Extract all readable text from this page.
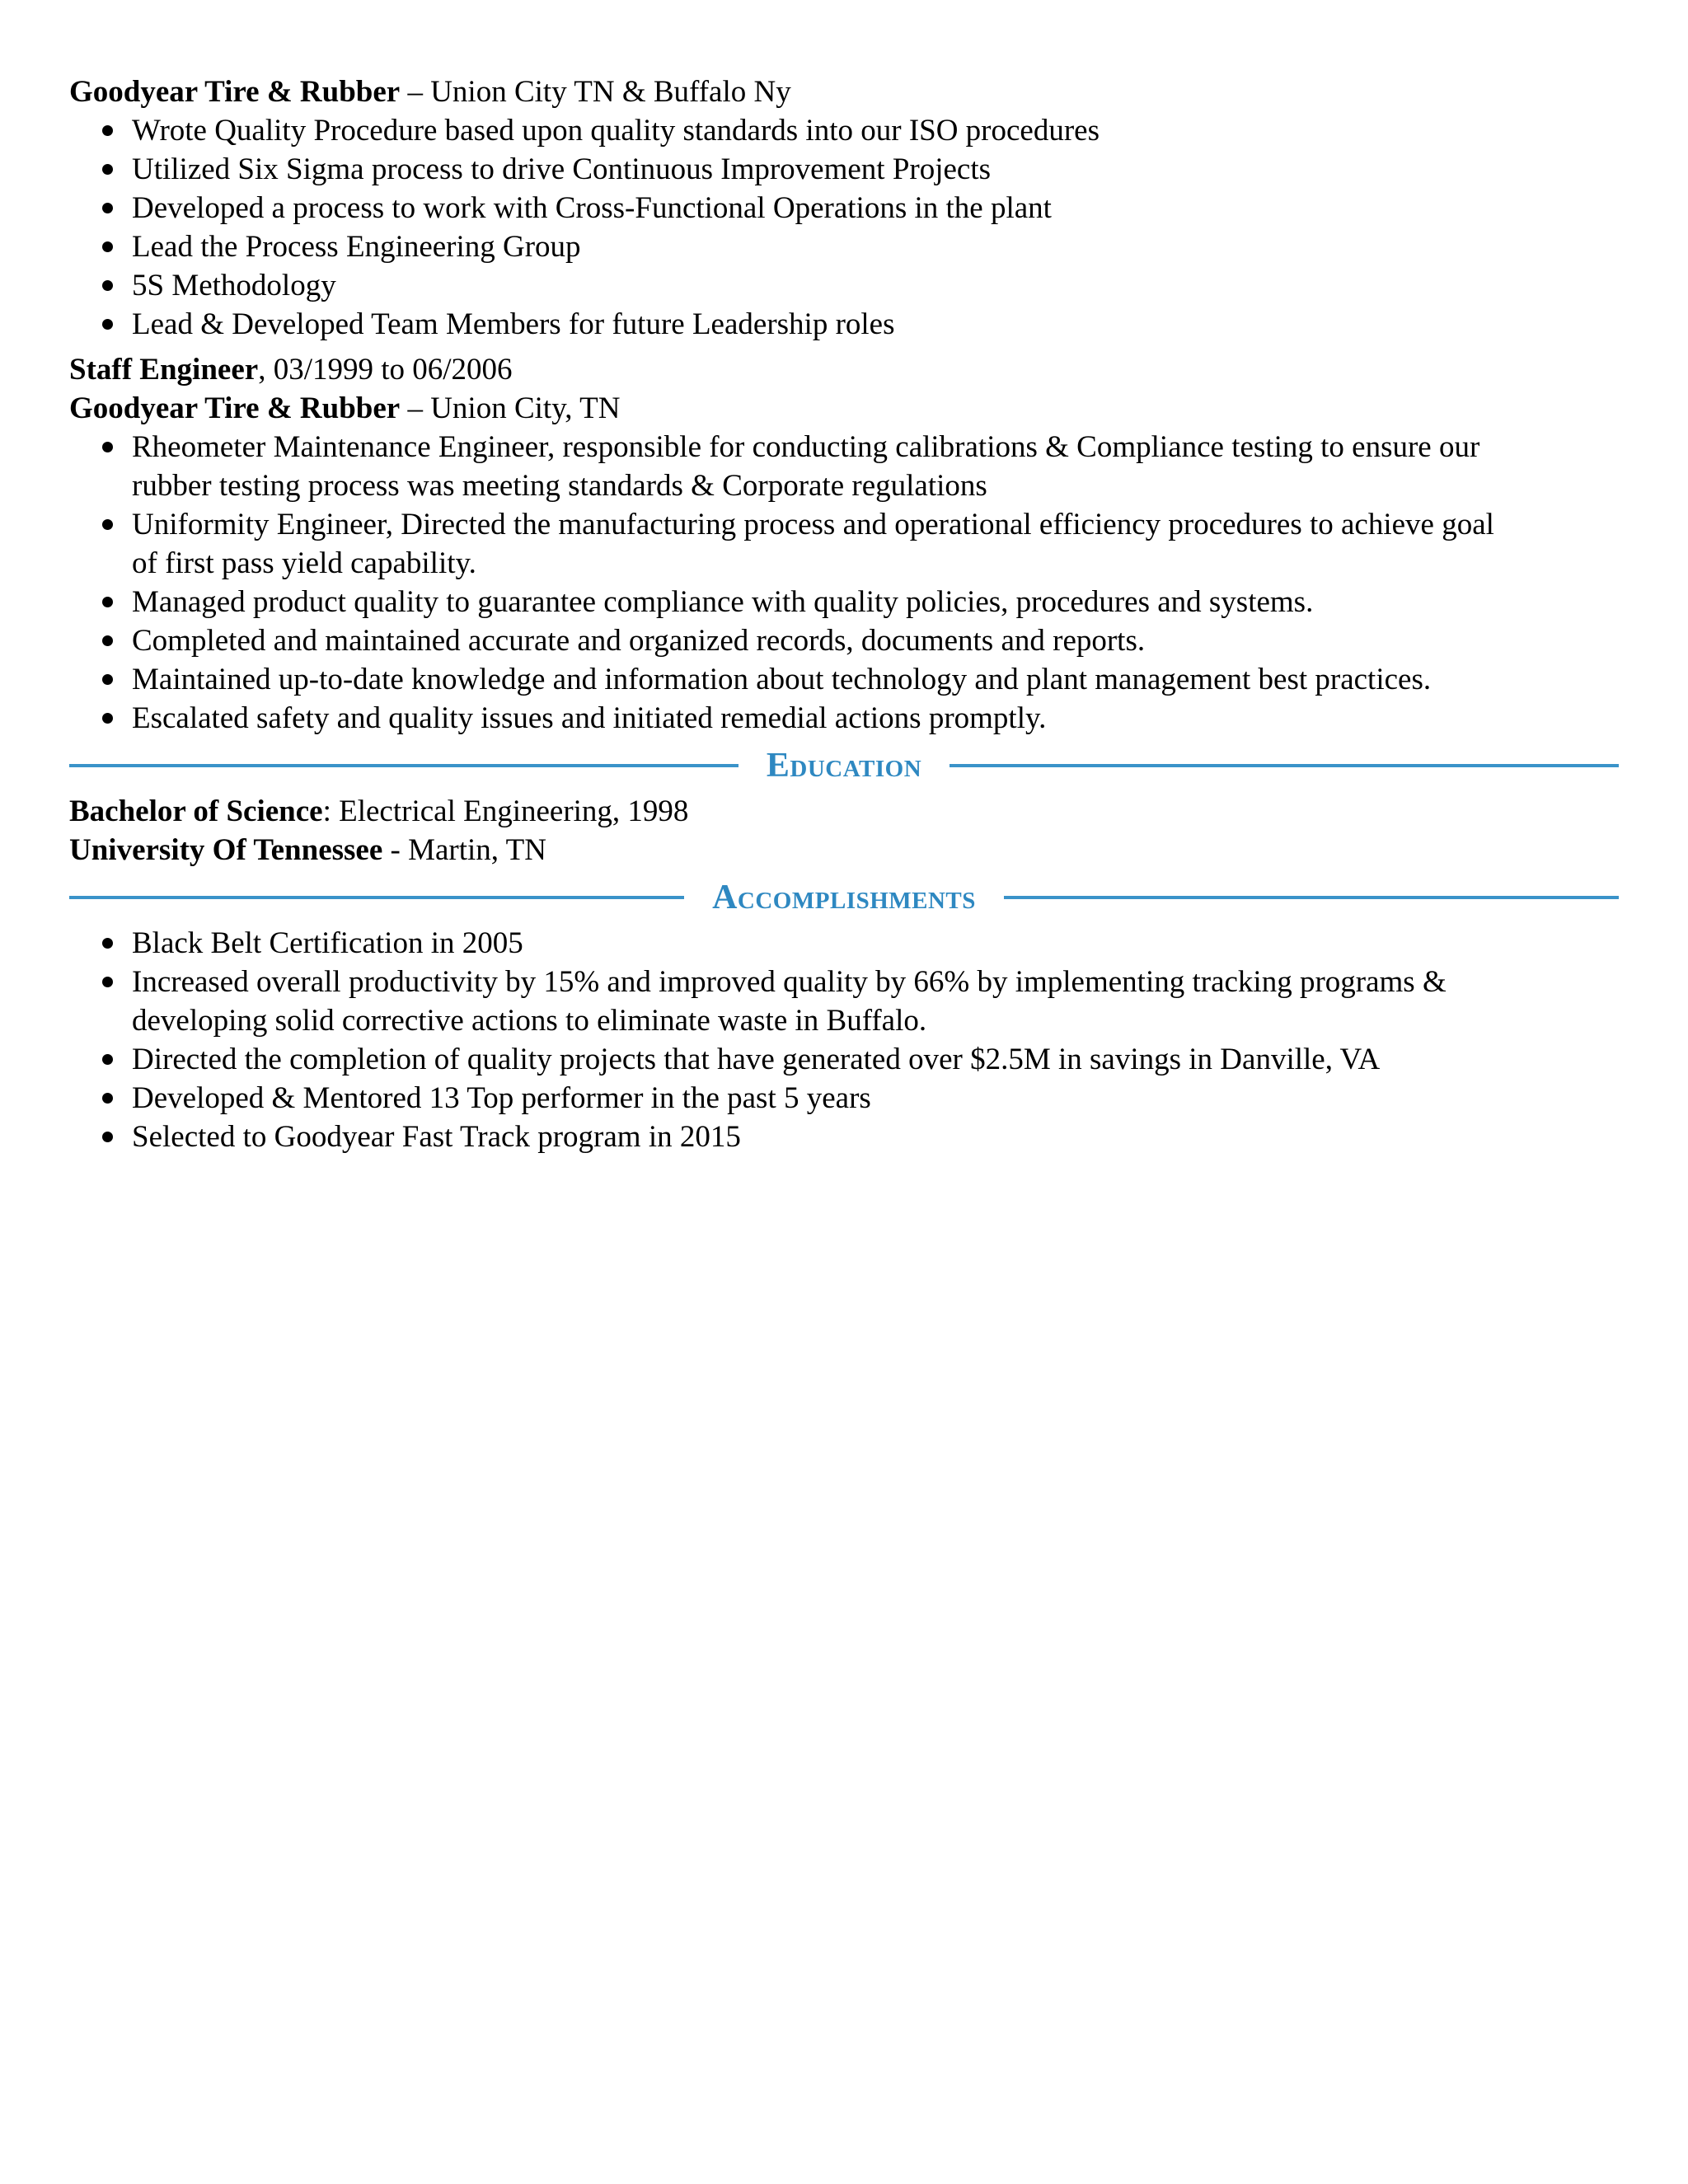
Goodyear Tire & Rubber – Union City TN & Buffalo Ny

Wrote Quality Procedure based upon quality standards into our ISO procedures
Utilized Six Sigma process to drive Continuous Improvement Projects
Developed a process to work with Cross-Functional Operations in the plant
Lead the Process Engineering Group
5S Methodology
Lead & Developed Team Members for future Leadership roles

Staff Engineer, 03/1999 to 06/2006

Goodyear Tire & Rubber – Union City, TN

Rheometer Maintenance Engineer, responsible for conducting calibrations & Compliance testing to ensure our
rubber testing process was meeting standards & Corporate regulations
Uniformity Engineer, Directed the manufacturing process and operational efficiency procedures to achieve goal
of first pass yield capability.
Managed product quality to guarantee compliance with quality policies, procedures and systems.
Completed and maintained accurate and organized records, documents and reports.
Maintained up-to-date knowledge and information about technology and plant management best practices.
Escalated safety and quality issues and initiated remedial actions promptly.
Education

Bachelor of Science: Electrical Engineering, 1998

University Of Tennessee - Martin, TN

Accomplishments
Black Belt Certification in 2005
Increased overall productivity by 15% and improved quality by 66% by implementing tracking programs &
developing solid corrective actions to eliminate waste in Buffalo.
Directed the completion of quality projects that have generated over $2.5M in savings in Danville, VA
Developed & Mentored 13 Top performer in the past 5 years
Selected to Goodyear Fast Track program in 2015
